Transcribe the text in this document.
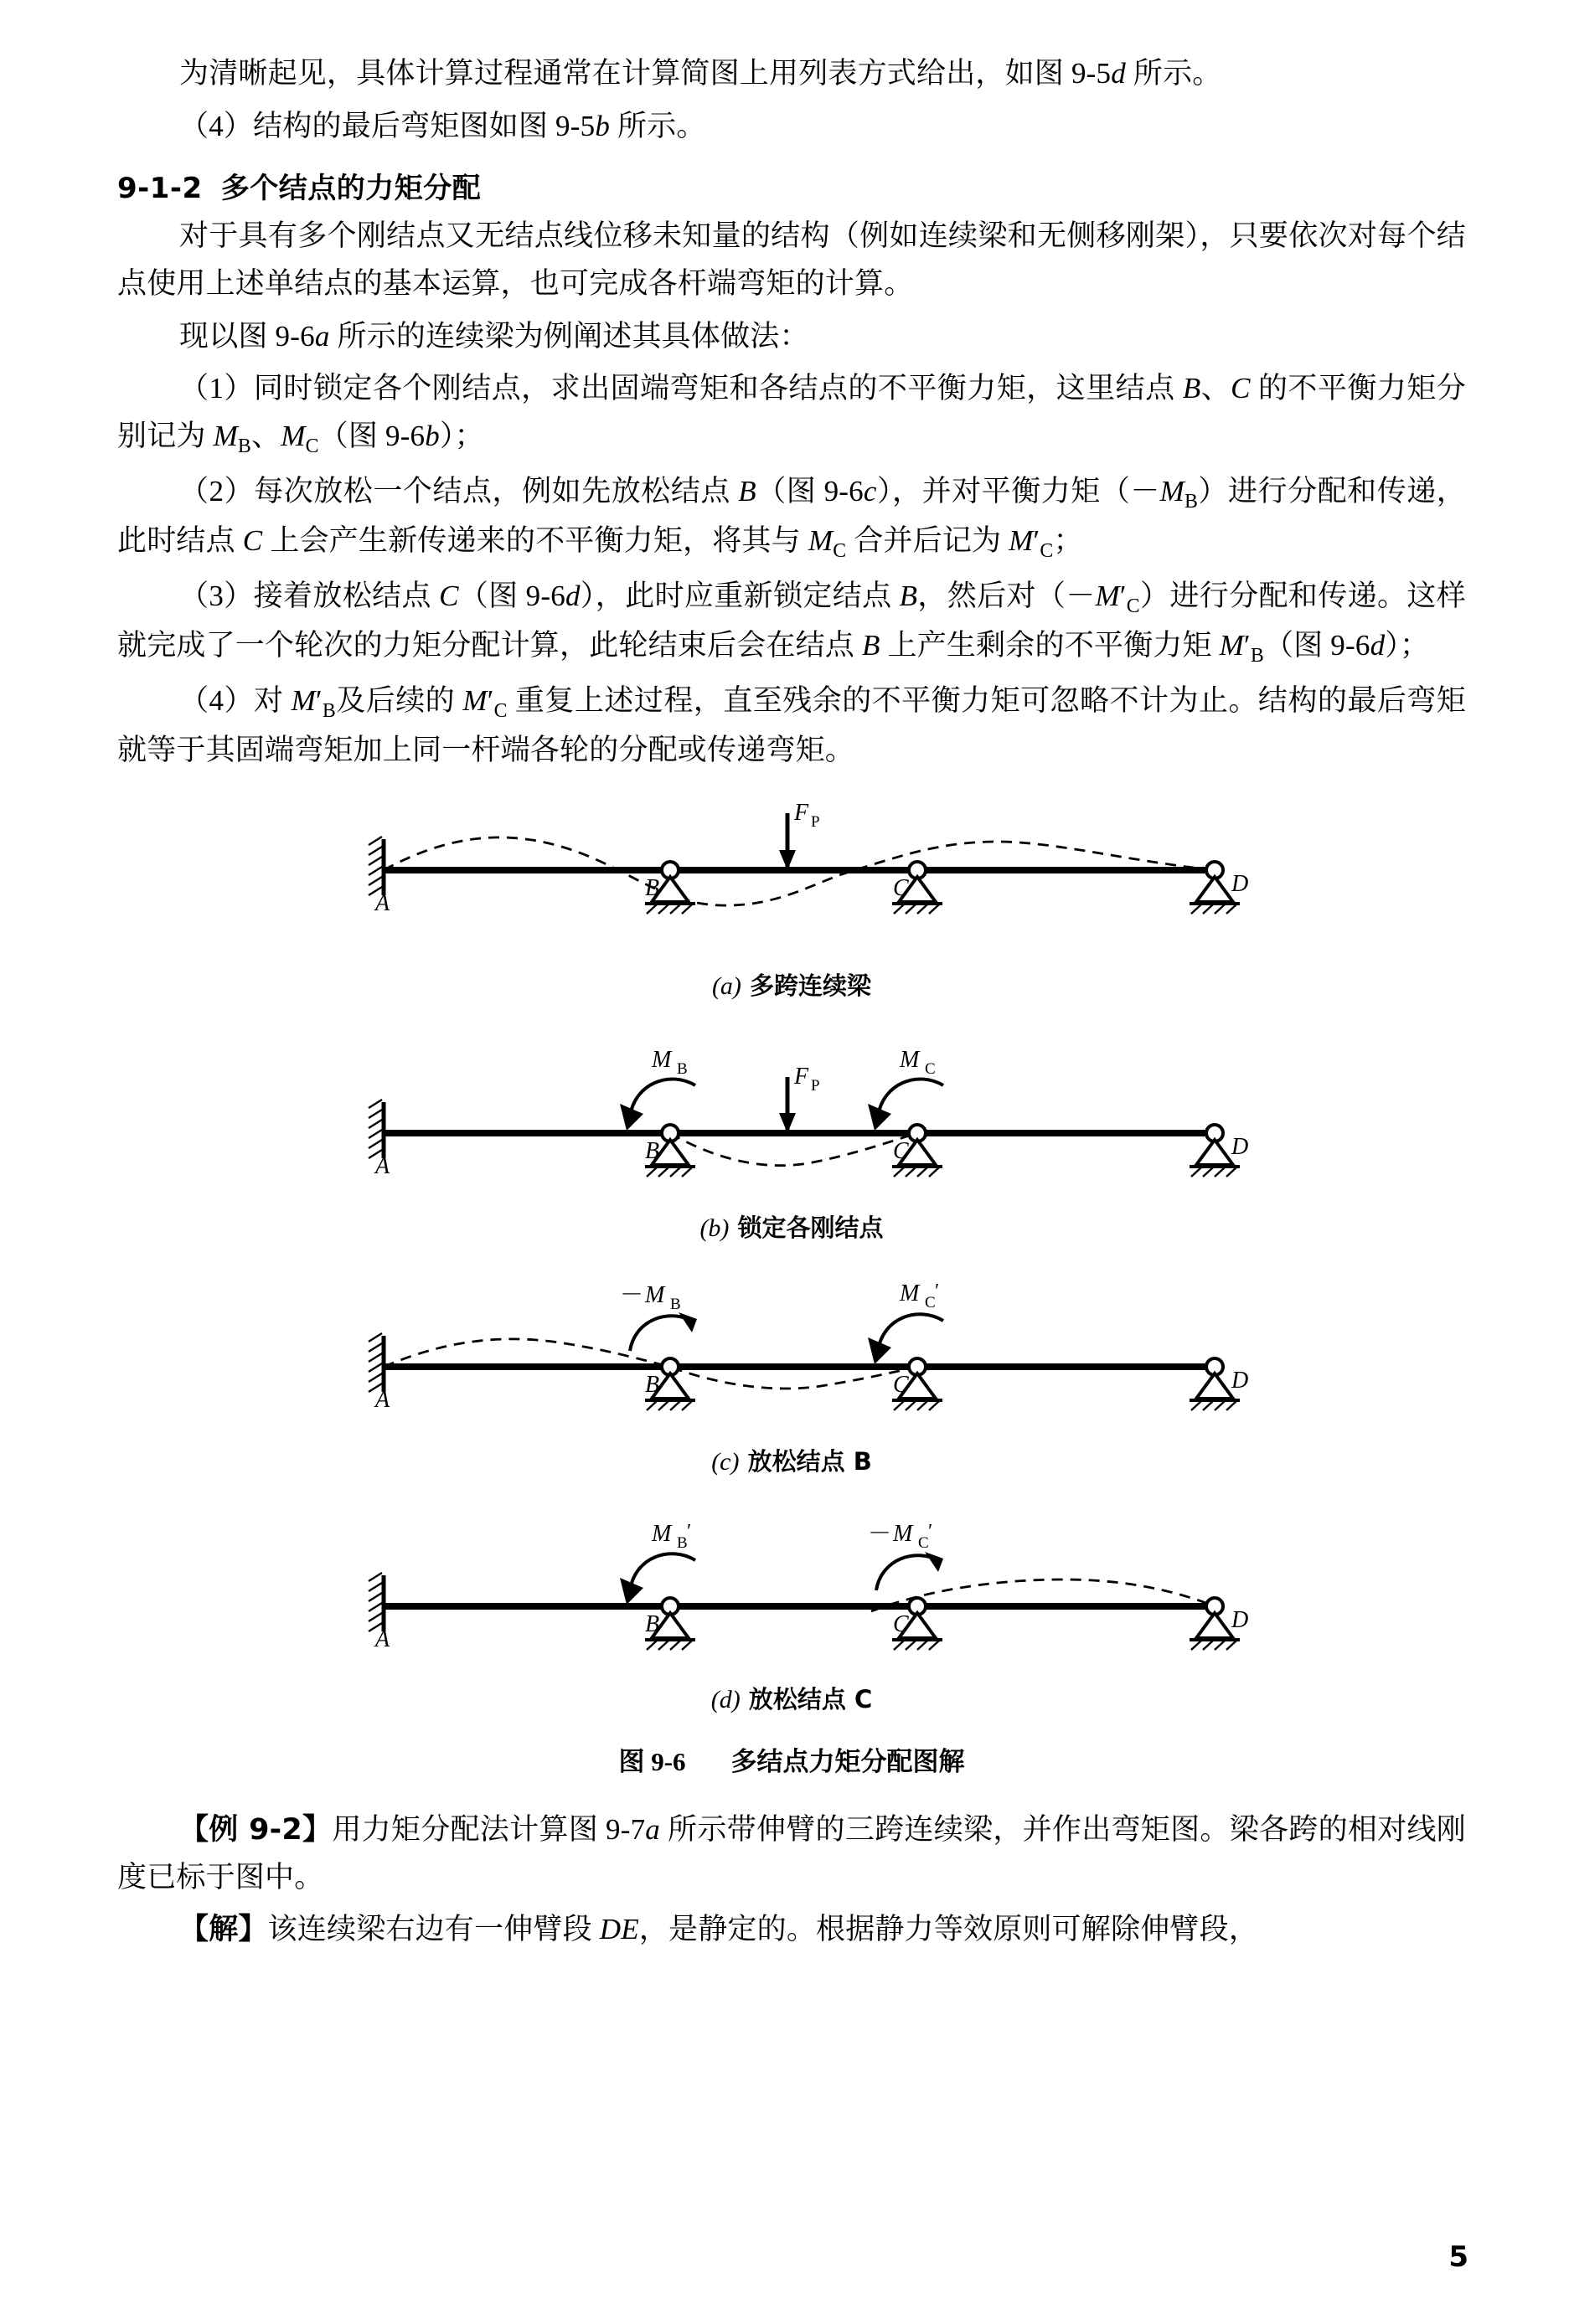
为清晰起见，具体计算过程通常在计算简图上用列表方式给出，如图 9-5d 所示。

（4）结构的最后弯矩图如图 9-5b 所示。

9-1-2 多个结点的力矩分配

对于具有多个刚结点又无结点线位移未知量的结构（例如连续梁和无侧移刚架），只要依次对每个结点使用上述单结点的基本运算，也可完成各杆端弯矩的计算。

现以图 9-6a 所示的连续梁为例阐述其具体做法：

（1）同时锁定各个刚结点，求出固端弯矩和各结点的不平衡力矩，这里结点 B、C 的不平衡力矩分别记为 $M_B$、$M_C$（图 9-6b）；

（2）每次放松一个结点，例如先放松结点 B（图 9-6c），并对平衡力矩$(-M_B)$进行分配和传递，此时结点 C 上会产生新传递来的不平衡力矩，将其与 $M_C$ 合并后记为 $M'_C$；

（3）接着放松结点 C（图 9-6d），此时应重新锁定结点 B，然后对$(-M'_C)$进行分配和传递。这样就完成了一个轮次的力矩分配计算，此轮结束后会在结点 B 上产生剩余的不平衡力矩 $M'_B$（图 9-6d）；

（4）对 $M'_B$及后续的 $M'_C$ 重复上述过程，直至残余的不平衡力矩可忽略不计为止。结构的最后弯矩就等于其固端弯矩加上同一杆端各轮的分配或传递弯矩。

F P
A
B	C	D
(a) 多跨连续梁
F P
M B	M C
A
B	C	D
(b) 锁定各刚结点
－ M B	M C
′
A
B	C	D
(c) 放松结点 B
M B
′	－ M C
′
A
B	C	D
(d) 放松结点 C
图 9-6 多结点力矩分配图解

【例 9-2】用力矩分配法计算图 9-7a 所示带伸臂的三跨连续梁，并作出弯矩图。梁各跨的相对线刚度已标于图中。

【解】该连续梁右边有一伸臂段 DE，是静定的。根据静力等效原则可解除伸臂段，

5
